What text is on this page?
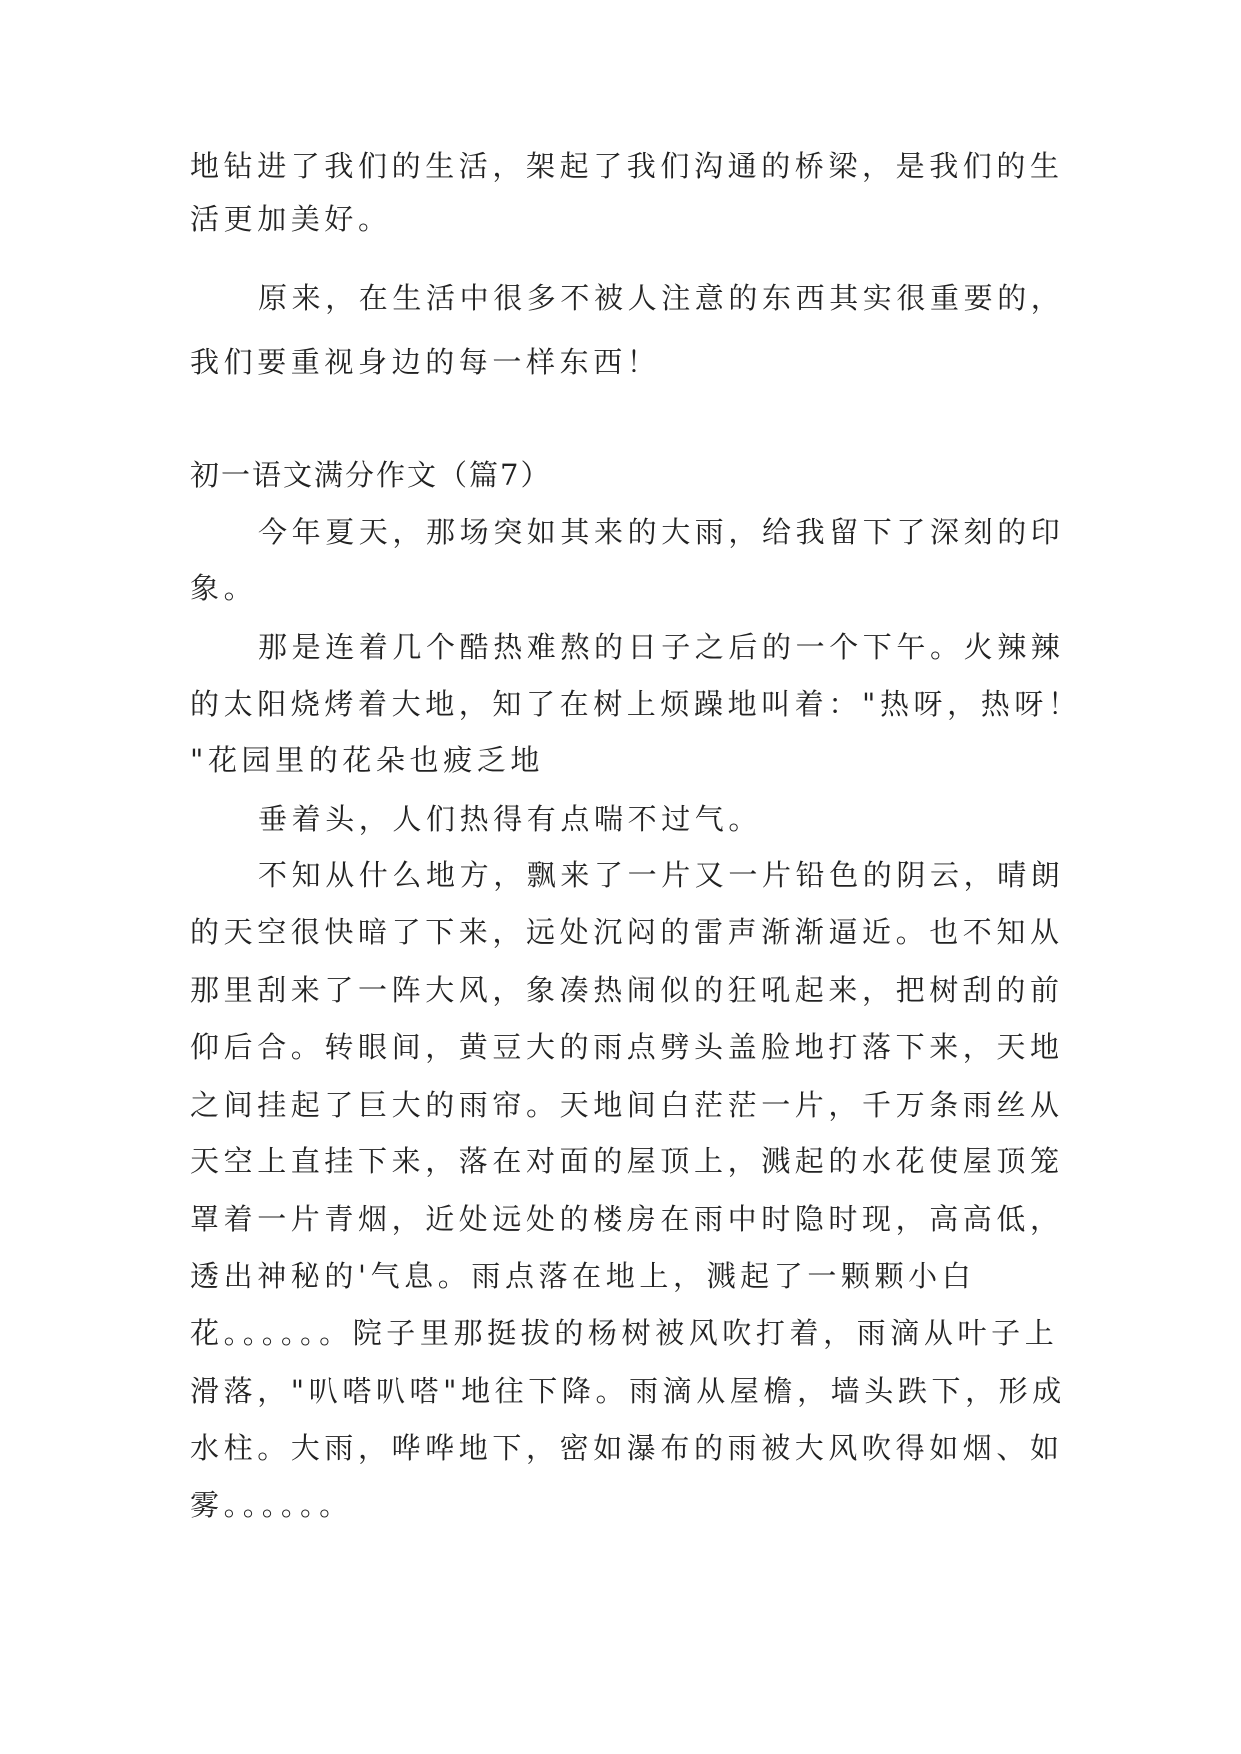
地钻进了我们的生活，架起了我们沟通的桥梁，是我们的生
活更加美好。
原来，在生活中很多不被人注意的东西其实很重要的，
我们要重视身边的每一样东西！
初一语文满分作文（篇7）
今年夏天，那场突如其来的大雨，给我留下了深刻的印
象。
那是连着几个酷热难熬的日子之后的一个下午。火辣辣
的太阳烧烤着大地，知了在树上烦躁地叫着："热呀，热呀！
"花园里的花朵也疲乏地
垂着头，人们热得有点喘不过气。
不知从什么地方，飘来了一片又一片铅色的阴云，晴朗
的天空很快暗了下来，远处沉闷的雷声渐渐逼近。也不知从
那里刮来了一阵大风，象凑热闹似的狂吼起来，把树刮的前
仰后合。转眼间，黄豆大的雨点劈头盖脸地打落下来，天地
之间挂起了巨大的雨帘。天地间白茫茫一片，千万条雨丝从
天空上直挂下来，落在对面的屋顶上，溅起的水花使屋顶笼
罩着一片青烟，近处远处的楼房在雨中时隐时现，高高低，
透出神秘的'气息。雨点落在地上，溅起了一颗颗小白
花。。。。。。院子里那挺拔的杨树被风吹打着，雨滴从叶子上
滑落，"叭嗒叭嗒"地往下降。雨滴从屋檐，墙头跌下，形成
水柱。大雨，哗哗地下，密如瀑布的雨被大风吹得如烟、如
雾。。。。。。
